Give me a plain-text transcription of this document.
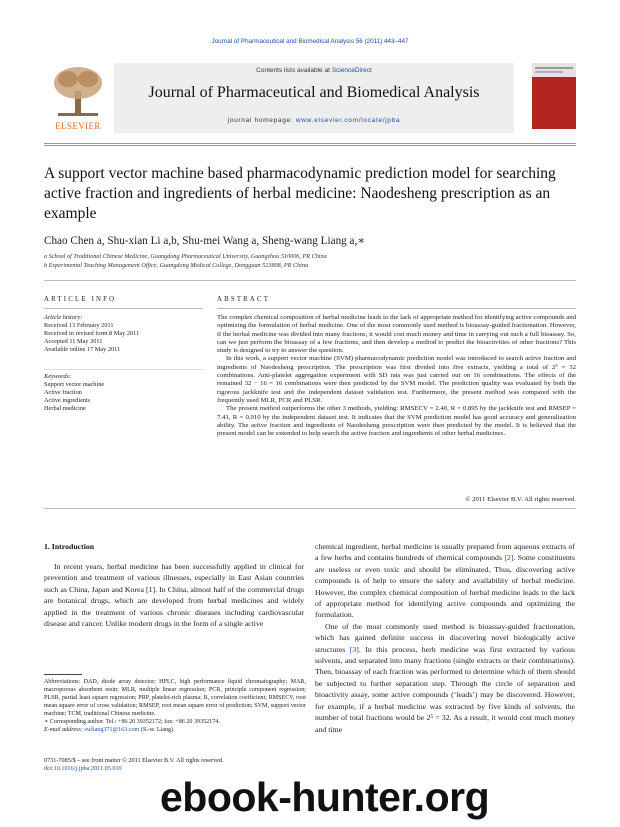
Journal of Pharmaceutical and Biomedical Analysis 56 (2011) 443–447
ELSEVIER
Contents lists available at ScienceDirect
Journal of Pharmaceutical and Biomedical Analysis
journal homepage: www.elsevier.com/locate/jpba
A support vector machine based pharmacodynamic prediction model for searching active fraction and ingredients of herbal medicine: Naodesheng prescription as an example
Chao Chen a, Shu-xian Li a,b, Shu-mei Wang a, Sheng-wang Liang a,∗
a School of Traditional Chinese Medicine, Guangdong Pharmaceutical University, Guangzhou 510006, PR China
b Experimental Teaching Management Office, Guangdong Medical College, Dongguan 523808, PR China
ARTICLE INFO	ABSTRACT
Article history:
Received 13 February 2011
Received in revised form 8 May 2011
Accepted 11 May 2011
Available online 17 May 2011
Keywords:
Support vector machine
Active fraction
Active ingredients
Herbal medicine

The complex chemical composition of herbal medicine leads to the lack of appropriate method for identifying active compounds and optimizing the formulation of herbal medicine. One of the most commonly used method is bioassay-guided fractionation. However, if the herbal medicine was divided into many fractions, it would cost much money and time in carrying out such a full bioassay. So, can we just perform the bioassay of a few fractions, and then develop a method to predict the bioactivities of other fractions? This study is designed to try to answer the question.

In this work, a support vector machine (SVM) pharmacodynamic prediction model was introduced to search active fraction and ingredients of Naodesheng prescription. The prescription was first divided into five extracts, yielding a total of 2⁵ = 32 combinations. Anti-platelet aggregation experiment with SD rats was just carried out on 16 combinations. The effects of the remained 32 − 16 = 16 combinations were then predicted by the SVM model. The prediction quality was evaluated by both the rigorous jackknife test and the independent dataset validation test. Furthermore, the present method was compared with the frequently used MLR, PCR and PLSR.

The present method outperforms the other 3 methods, yielding: RMSECV = 2.40, R = 0.895 by the jackknife test and RMSEP = 7.41, R = 0.910 by the independent dataset test. It indicates that the SVM prediction model has good accuracy and generalization ability. The active fraction and ingredients of Naodesheng prescription were then predicted by the model. It is believed that the present model can be extended to help search the active fraction and ingredients of other herbal medicines.

© 2011 Elsevier B.V. All rights reserved.
1. Introduction

In recent years, herbal medicine has been successfully applied in clinical for prevention and treatment of various illnesses, especially in East Asian countries such as China, Japan and Korea [1]. In China, almost half of the commercial drugs are botanical drugs, which are developed from herbal medicines and widely applied in the treatment of various chronic diseases including cardiovascular disease and cancer. Unlike modern drugs in the form of a single active

chemical ingredient, herbal medicine is usually prepared from aqueous extracts of a few herbs and contains hundreds of chemical compounds [2]. Some constituents are useless or even toxic and should be eliminated. Thus, discovering active compounds is of help to ensure the safety and availability of herbal medicine. However, the complex chemical composition of herbal medicine leads to the lack of appropriate method for identifying active compounds and optimizing the formulation.

One of the most commonly used method is bioassay-guided fractionation, which has gained definite success in discovering novel biologically active structures [3]. In this process, herb medicine was first extracted by various solvents, and separated into many fractions (single extracts or their combinations). Then, bioassay of each fraction was performed to determine which of them should be subjected to further separation step. Through the circle of separation and bioactivity assay, some active compounds (‘leads’) may be discovered. However, for example, if a herbal medicine was extracted by five kinds of solvents, the number of total fractions would be 2⁵ = 32. As a result, it would cost much money and time

Abbreviations: DAD, diode array detector; HPLC, high performance liquid chromatography; MAR, macroporous absorbent resin; MLR, multiple linear regression; PCR, principle component regression; PLSR, partial least square regression; PRP, platelet-rich plasma; R, correlation coefficient; RMSECV, root mean square error of cross validation; RMSEP, root mean square error of prediction; SVM, support vector machine; TCM, traditional Chinese medicine.

∗ Corresponding author. Tel.: +86 20 39352172; fax: +86 20 39352174.

E-mail address: swliang371@163.com (S.-w. Liang).

0731-7085/$ – see front matter © 2011 Elsevier B.V. All rights reserved.
doi:10.1016/j.jpba.2011.05.010
ebook-hunter.org
